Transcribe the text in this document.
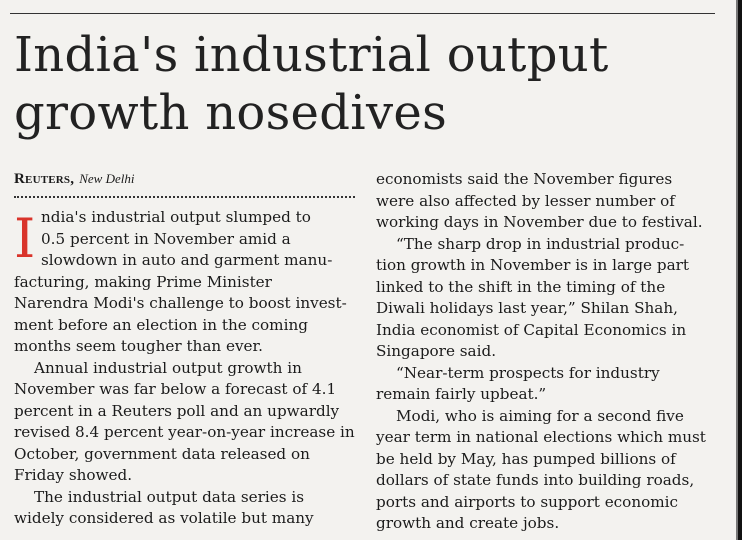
India's industrial output
growth nosedives
Reuters, New Delhi
I ndia's industrial output slumped to
0.5 percent in November amid a
slowdown in auto and garment manu-
facturing, making Prime Minister
Narendra Modi's challenge to boost invest-
ment before an election in the coming
months seem tougher than ever.
Annual industrial output growth in
November was far below a forecast of 4.1
percent in a Reuters poll and an upwardly
revised 8.4 percent year-on-year increase in
October, government data released on
Friday showed.
The industrial output data series is
widely considered as volatile but many
economists said the November figures
were also affected by lesser number of
working days in November due to festival.
“The sharp drop in industrial produc-
tion growth in November is in large part
linked to the shift in the timing of the
Diwali holidays last year,” Shilan Shah,
India economist of Capital Economics in
Singapore said.
“Near-term prospects for industry
remain fairly upbeat.”
Modi, who is aiming for a second five
year term in national elections which must
be held by May, has pumped billions of
dollars of state funds into building roads,
ports and airports to support economic
growth and create jobs.
